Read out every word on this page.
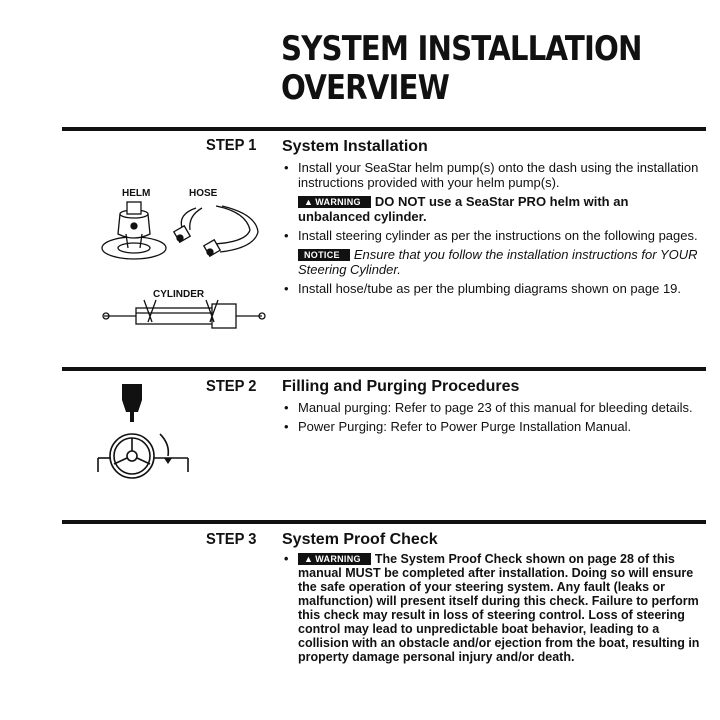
SYSTEM INSTALLATION
OVERVIEW
STEP 1 System Installation
HELM	HOSE
CYLINDER
• Install your SeaStar helm pump(s) onto the dash using the installation instructions provided with your helm pump(s).
▲ WARNING DO NOT use a SeaStar PRO helm with an unbalanced cylinder.
• Install steering cylinder as per the instructions on the following pages.
NOTICE Ensure that you follow the installation instructions for YOUR Steering Cylinder.
• Install hose/tube as per the plumbing diagrams shown on page 19.
STEP 2 Filling and Purging Procedures
• Manual purging: Refer to page 23 of this manual for bleeding details.
• Power Purging: Refer to Power Purge Installation Manual.
STEP 3 System Proof Check
• ▲ WARNING The System Proof Check shown on page 28 of this manual MUST be completed after installation. Doing so will ensure the safe operation of your steering system. Any fault (leaks or malfunction) will present itself during this check. Failure to perform this check may result in loss of steering control. Loss of steering control may lead to unpredictable boat behavior, leading to a collision with an obstacle and/or ejection from the boat, resulting in property damage personal injury and/or death.
